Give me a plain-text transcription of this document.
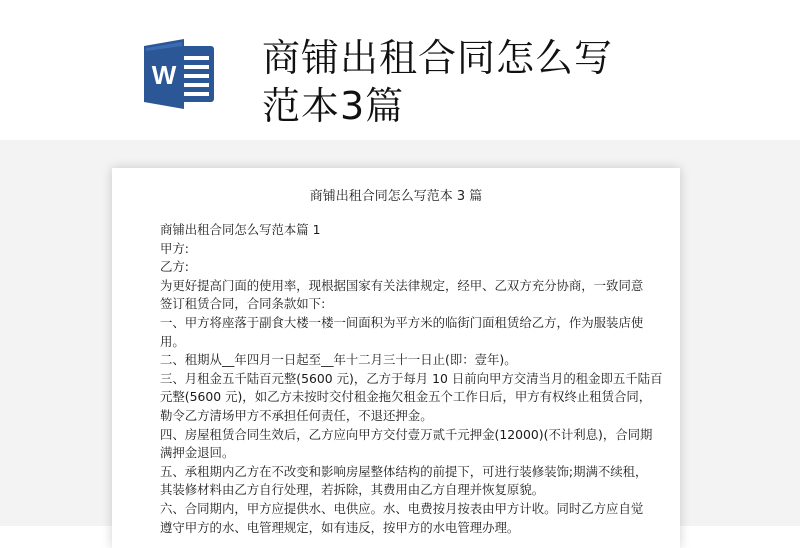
W 商铺出租合同怎么写
范本3篇
商铺出租合同怎么写范本 3 篇

商铺出租合同怎么写范本篇 1

甲方:

乙方:

为更好提高门面的使用率，现根据国家有关法律规定，经甲、乙双方充分协商，一致同意

签订租赁合同，合同条款如下:

一、甲方将座落于副食大楼一楼一间面积为平方米的临街门面租赁给乙方，作为服装店使

用。

二、租期从__年四月一日起至__年十二月三十一日止(即：壹年)。

三、月租金五千陆百元整(5600 元)，乙方于每月 10 日前向甲方交清当月的租金即五千陆百

元整(5600 元)，如乙方未按时交付租金拖欠租金五个工作日后，甲方有权终止租赁合同，

勒令乙方清场甲方不承担任何责任，不退还押金。

四、房屋租赁合同生效后，乙方应向甲方交付壹万贰千元押金(12000)(不计利息)，合同期

满押金退回。

五、承租期内乙方在不改变和影响房屋整体结构的前提下，可进行装修装饰;期满不续租，

其装修材料由乙方自行处理，若拆除，其费用由乙方自理并恢复原貌。

六、合同期内，甲方应提供水、电供应。水、电费按月按表由甲方计收。同时乙方应自觉

遵守甲方的水、电管理规定，如有违反，按甲方的水电管理办理。
